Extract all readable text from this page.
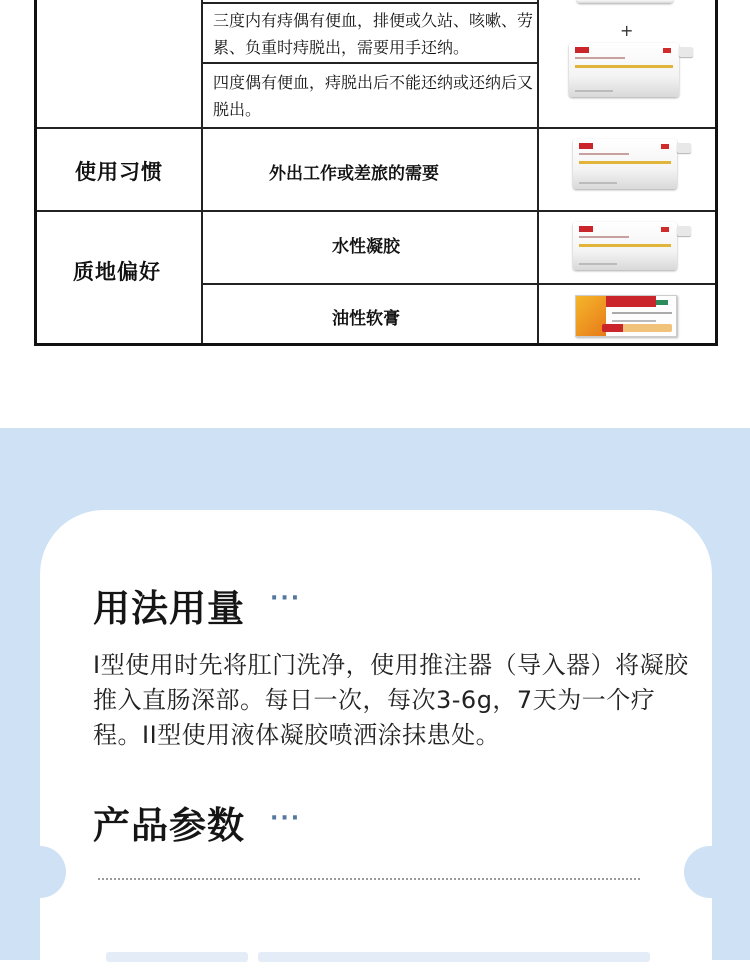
三度内有痔偶有便血，排便或久站、咳嗽、劳累、负重时痔脱出，需要用手还纳。
四度偶有便血，痔脱出后不能还纳或还纳后又脱出。
使用习惯	外出工作或差旅的需要
质地偏好
水性凝胶
油性软膏
+
用法用量 ···
I型使用时先将肛门洗净，使用推注器（导入器）将凝胶推入直肠深部。每日一次，每次3-6g，7天为一个疗程。II型使用液体凝胶喷洒涂抹患处。
产品参数 ···
